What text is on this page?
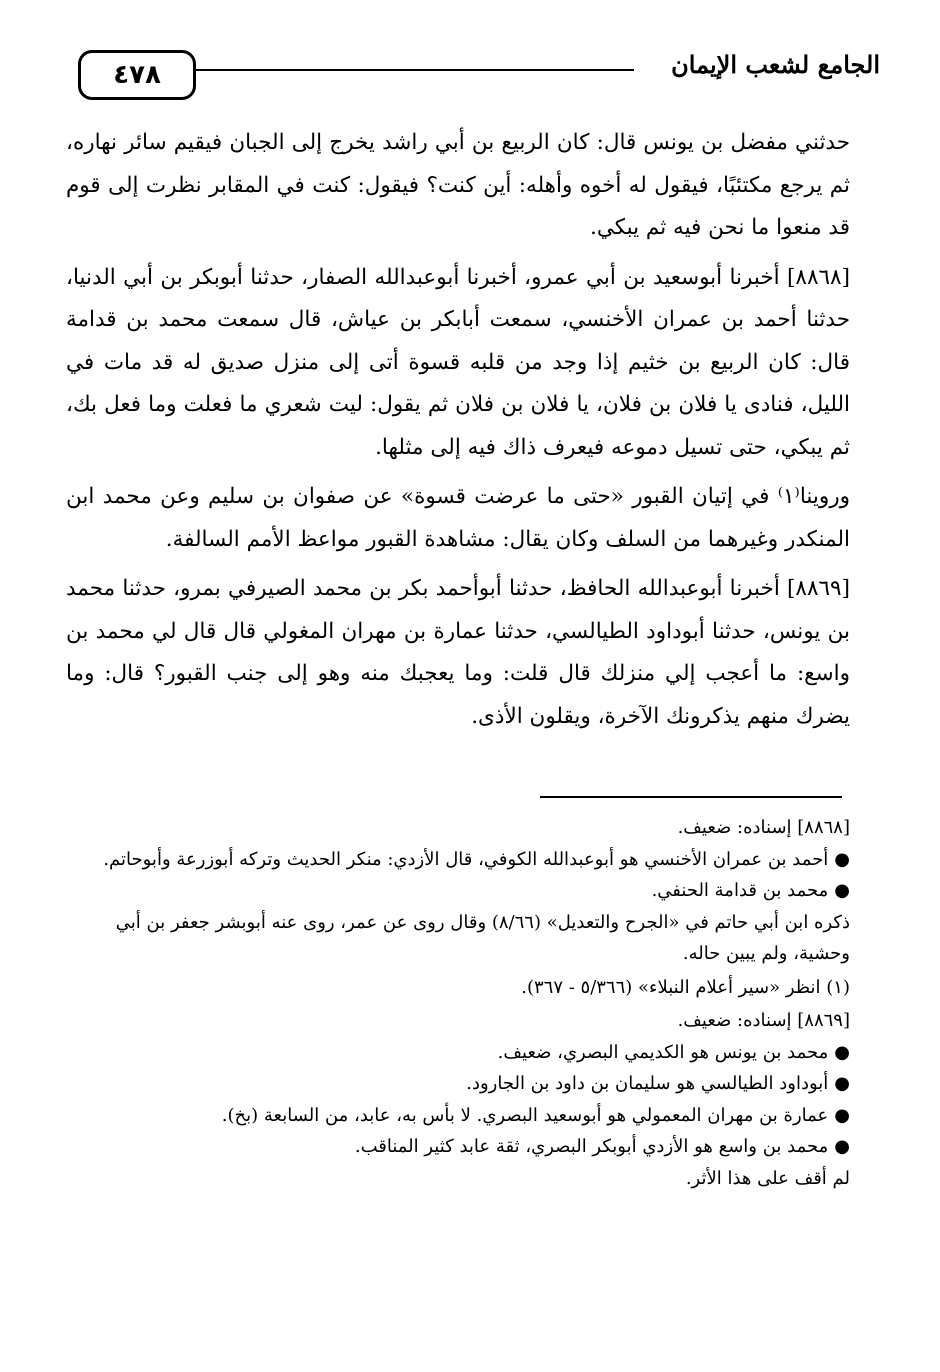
٤٧٨	الجامع لشعب الإيمان

حدثني مفضل بن يونس قال: كان الربيع بن أبي راشد يخرج إلى الجبان فيقيم سائر نهاره، ثم يرجع مكتئبًا، فيقول له أخوه وأهله: أين كنت؟ فيقول: كنت في المقابر نظرت إلى قوم قد منعوا ما نحن فيه ثم يبكي.

[٨٨٦٨] أخبرنا أبوسعيد بن أبي عمرو، أخبرنا أبوعبدالله الصفار، حدثنا أبوبكر بن أبي الدنيا، حدثنا أحمد بن عمران الأخنسي، سمعت أبابكر بن عياش، قال سمعت محمد بن قدامة قال: كان الربيع بن خثيم إذا وجد من قلبه قسوة أتى إلى منزل صديق له قد مات في الليل، فنادى يا فلان بن فلان، يا فلان بن فلان ثم يقول: ليت شعري ما فعلت وما فعل بك، ثم يبكي، حتى تسيل دموعه فيعرف ذاك فيه إلى مثلها.

وروينا⁽١⁾ في إتيان القبور «حتى ما عرضت قسوة» عن صفوان بن سليم وعن محمد ابن المنكدر وغيرهما من السلف وكان يقال: مشاهدة القبور مواعظ الأمم السالفة.

[٨٨٦٩] أخبرنا أبوعبدالله الحافظ، حدثنا أبوأحمد بكر بن محمد الصيرفي بمرو، حدثنا محمد بن يونس، حدثنا أبوداود الطيالسي، حدثنا عمارة بن مهران المغولي قال قال لي محمد بن واسع: ما أعجب إلي منزلك قال قلت: وما يعجبك منه وهو إلى جنب القبور؟ قال: وما يضرك منهم يذكرونك الآخرة، ويقلون الأذى.

[٨٨٦٨] إسناده: ضعيف.

●أحمد بن عمران الأخنسي هو أبوعبدالله الكوفي، قال الأزدي: منكر الحديث وتركه أبوزرعة وأبوحاتم.

●محمد بن قدامة الحنفي.

ذكره ابن أبي حاتم في «الجرح والتعديل» (٨/٦٦) وقال روى عن عمر، روى عنه أبوبشر جعفر بن أبي وحشية، ولم يبين حاله.

(١) انظر «سير أعلام النبلاء» (٥/٣٦٦ - ٣٦٧).

[٨٨٦٩] إسناده: ضعيف.

●محمد بن يونس هو الكديمي البصري، ضعيف.

●أبوداود الطيالسي هو سليمان بن داود بن الجارود.

●عمارة بن مهران المعمولي هو أبوسعيد البصري. لا بأس به، عابد، من السابعة (بخ).

●محمد بن واسع هو الأزدي أبوبكر البصري، ثقة عابد كثير المناقب.

لم أقف على هذا الأثر.
